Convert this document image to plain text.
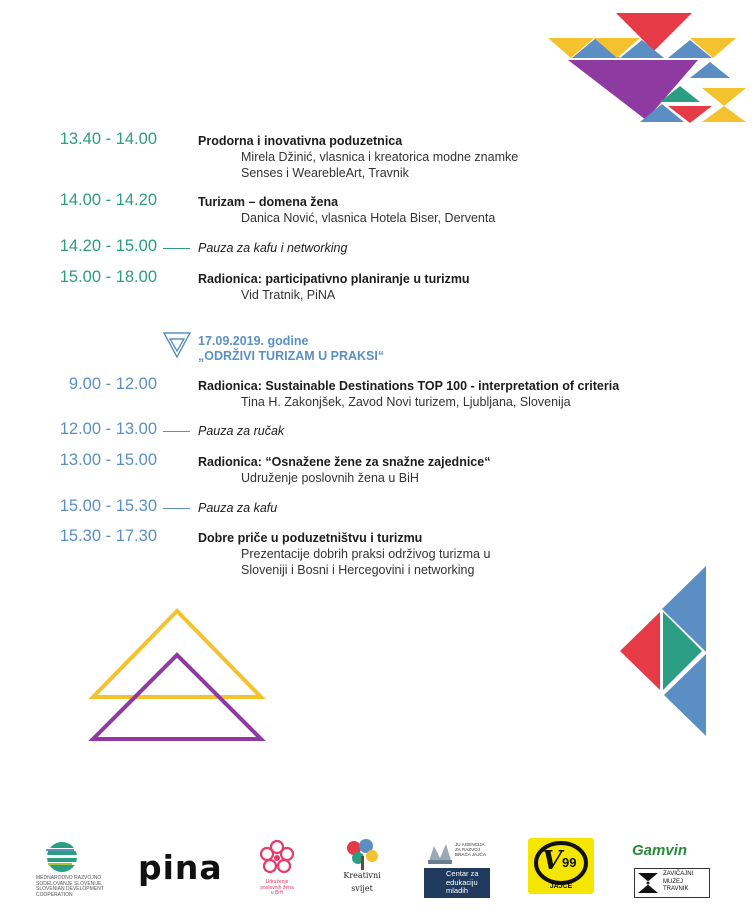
13.40 - 14.00	Prodorna i inovativna poduzetnica
Mirela Džinić, vlasnica i kreatorica modne znamke
Senses i WearebleArt, Travnik
14.00 - 14.20	Turizam – domena žena
Danica Nović, vlasnica Hotela Biser, Derventa
14.20 - 15.00	Pauza za kafu i networking
15.00 - 18.00	Radionica: participativno planiranje u turizmu
Vid Tratnik, PiNA
17.09.2019. godine
„ODRŽIVI TURIZAM U PRAKSI“
9.00 - 12.00	Radionica: Sustainable Destinations TOP 100 - interpretation of criteria
Tina H. Zakonjšek, Zavod Novi turizem, Ljubljana, Slovenija
12.00 - 13.00	Pauza za ručak
13.00 - 15.00	Radionica: “Osnažene žene za snažne zajednice“
Udruženje poslovnih žena u BiH
15.00 - 15.30	Pauza za kafu
15.30 - 17.30	Dobre priče u poduzetništvu i turizmu
Prezentacije dobrih praksi održivog turizma u
Sloveniji i Bosni i Hercegovini i networking
MEDNARODNO RAZVOJNO
SODELOVANJE SLOVENIJE
SLOVENIAN DEVELOPMENT
COOPERATION
pina	Udruženje
poslovnih žena
u BiH
Kreativni
svijet
JU AGENCIJA
ZA RAZVOJ
BRAĆA JAJCA
Centar za
edukaciju
mladih
V 99
JAJCE
Gamvin
ZAVIČAJNI
MUZEJ
TRAVNIK
